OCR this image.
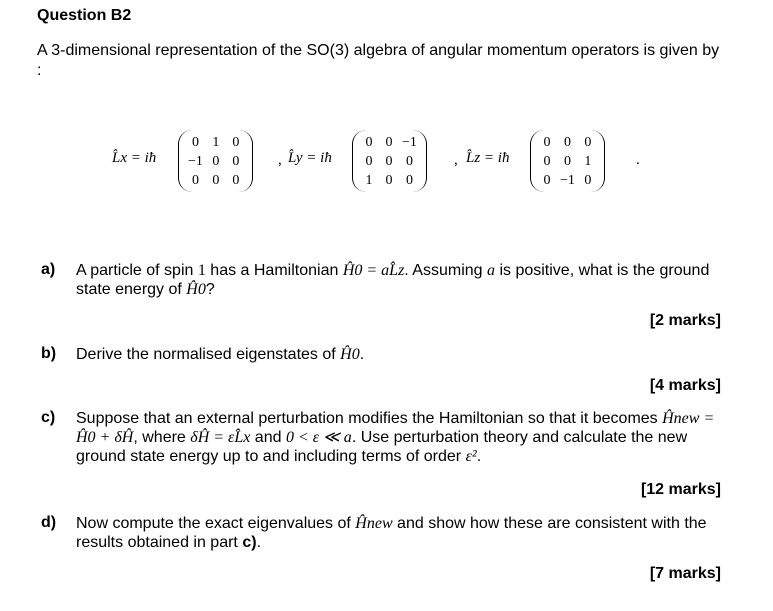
Question B2
A 3-dimensional representation of the SO(3) algebra of angular momentum operators is given by :
L̂x = iħ
0	1	0
−1	0	0
0	0	0
, L̂y = iħ
0	0	−1
0	0	0
1	0	0
, L̂z = iħ
0	0	0
0	0	1
0	−1	0
.
a) A particle of spin 1 has a Hamiltonian Ĥ0 = aL̂z. Assuming a is positive, what is the ground state energy of Ĥ0?
[2 marks]
b) Derive the normalised eigenstates of Ĥ0.
[4 marks]
c) Suppose that an external perturbation modifies the Hamiltonian so that it becomes Ĥnew = Ĥ0 + δĤ, where δĤ = εL̂x and 0 < ε ≪ a. Use perturbation theory and calculate the new ground state energy up to and including terms of order ε².
[12 marks]
d) Now compute the exact eigenvalues of Ĥnew and show how these are consistent with the results obtained in part c).
[7 marks]
